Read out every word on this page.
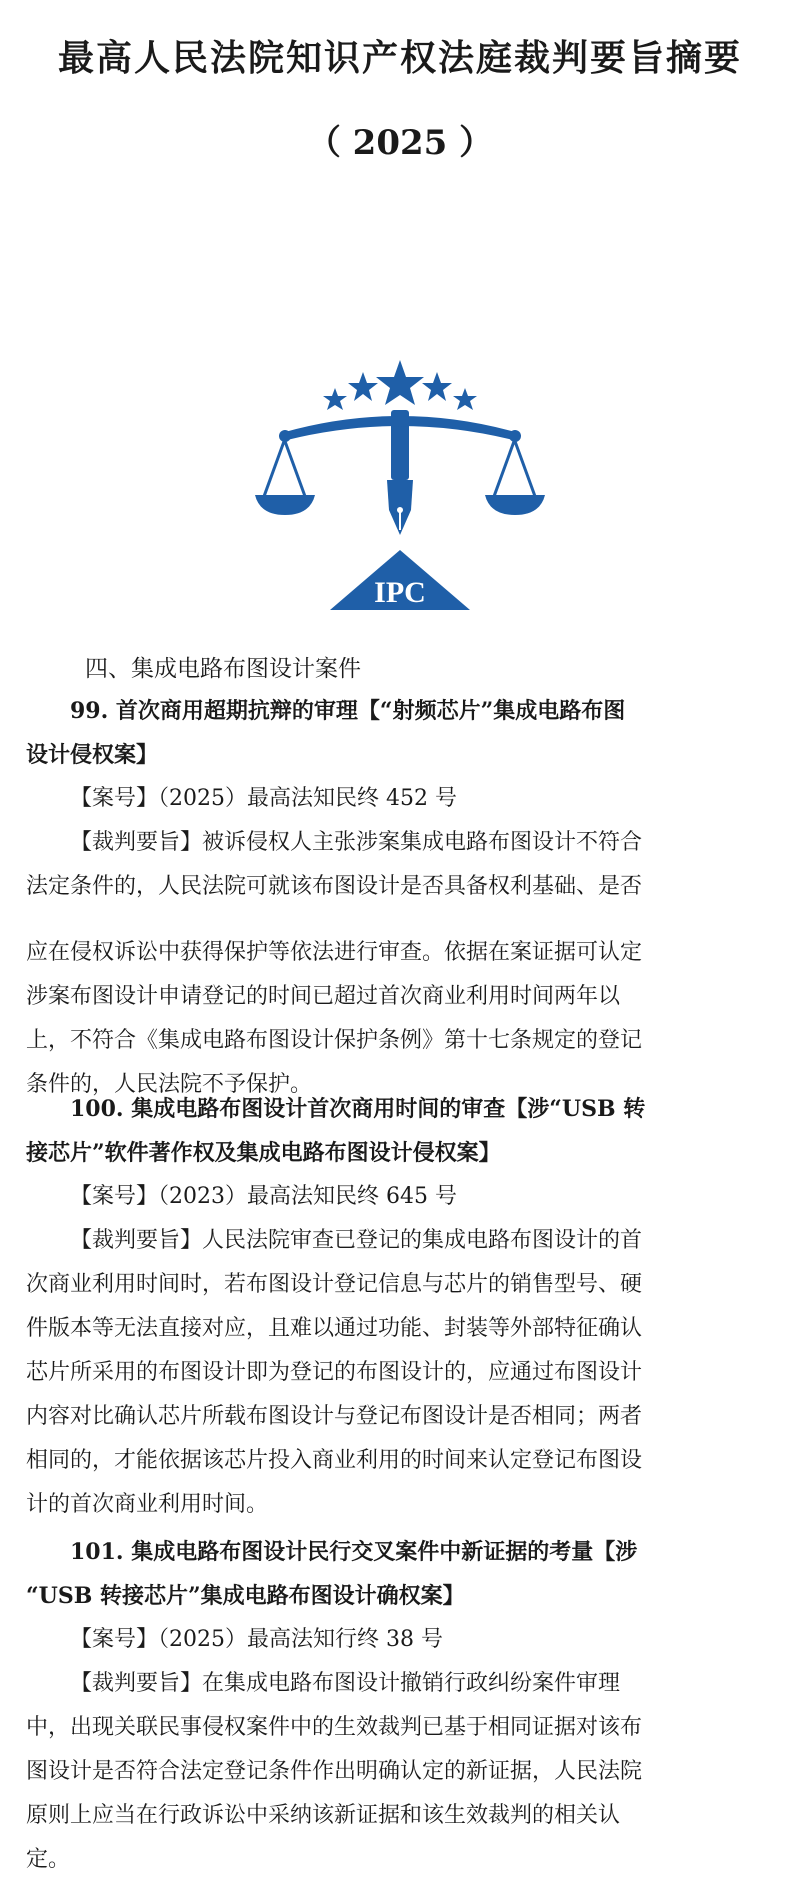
最高人民法院知识产权法庭裁判要旨摘要
（ 2025 ）
IPC
四、集成电路布图设计案件
99. 首次商用超期抗辩的审理【“射频芯片”集成电路布图
设计侵权案】
【案号】（2025）最高法知民终 452 号
【裁判要旨】被诉侵权人主张涉案集成电路布图设计不符合
法定条件的，人民法院可就该布图设计是否具备权利基础、是否
应在侵权诉讼中获得保护等依法进行审查。依据在案证据可认定
涉案布图设计申请登记的时间已超过首次商业利用时间两年以
上，不符合《集成电路布图设计保护条例》第十七条规定的登记
条件的，人民法院不予保护。
100. 集成电路布图设计首次商用时间的审查【涉“USB 转
接芯片”软件著作权及集成电路布图设计侵权案】
【案号】（2023）最高法知民终 645 号
【裁判要旨】人民法院审查已登记的集成电路布图设计的首
次商业利用时间时，若布图设计登记信息与芯片的销售型号、硬
件版本等无法直接对应，且难以通过功能、封装等外部特征确认
芯片所采用的布图设计即为登记的布图设计的，应通过布图设计
内容对比确认芯片所载布图设计与登记布图设计是否相同；两者
相同的，才能依据该芯片投入商业利用的时间来认定登记布图设
计的首次商业利用时间。
101. 集成电路布图设计民行交叉案件中新证据的考量【涉
“USB 转接芯片”集成电路布图设计确权案】
【案号】（2025）最高法知行终 38 号
【裁判要旨】在集成电路布图设计撤销行政纠纷案件审理
中，出现关联民事侵权案件中的生效裁判已基于相同证据对该布
图设计是否符合法定登记条件作出明确认定的新证据，人民法院
原则上应当在行政诉讼中采纳该新证据和该生效裁判的相关认
定。
